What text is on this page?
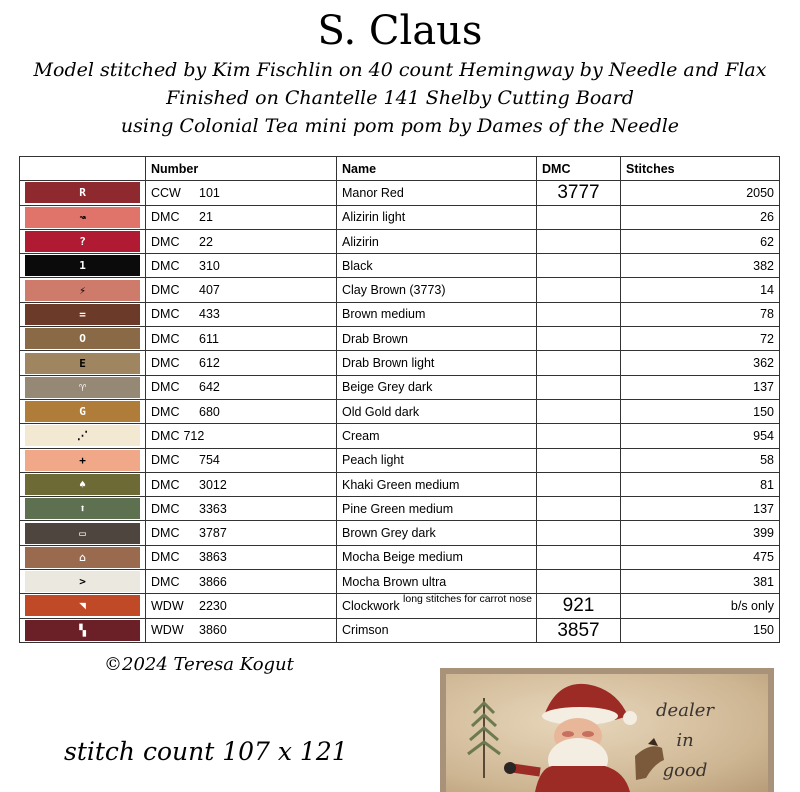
S. Claus
Model stitched by Kim Fischlin on 40 count Hemingway by Needle and Flax
Finished on Chantelle 141 Shelby Cutting Board
using Colonial Tea mini pom pom by Dames of the Needle
	Number	Name	DMC	Stitches

R	CCW 101	Manor Red	3777	2050

↝	DMC 21	Alizirin light		26

?	DMC 22	Alizirin		62

1	DMC 310	Black		382

⚡	DMC 407	Clay Brown (3773)		14

=	DMC 433	Brown medium		78

O	DMC 611	Drab Brown		72

E	DMC 612	Drab Brown light		362

♈	DMC 642	Beige Grey dark		137

G	DMC 680	Old Gold dark		150

⋰	DMC 712	Cream		954

+	DMC 754	Peach light		58

♠	DMC 3012	Khaki Green medium		81

⬆	DMC 3363	Pine Green medium		137

▭	DMC 3787	Brown Grey dark		399

⌂	DMC 3863	Mocha Beige medium		475

>	DMC 3866	Mocha Brown ultra		381

◥	WDW 2230	Clockwork long stitches for carrot nose	921	b/s only

▚	WDW 3860	Crimson	3857	150
©2024 Teresa Kogut
stitch count 107 x 121
dealer
in
good
